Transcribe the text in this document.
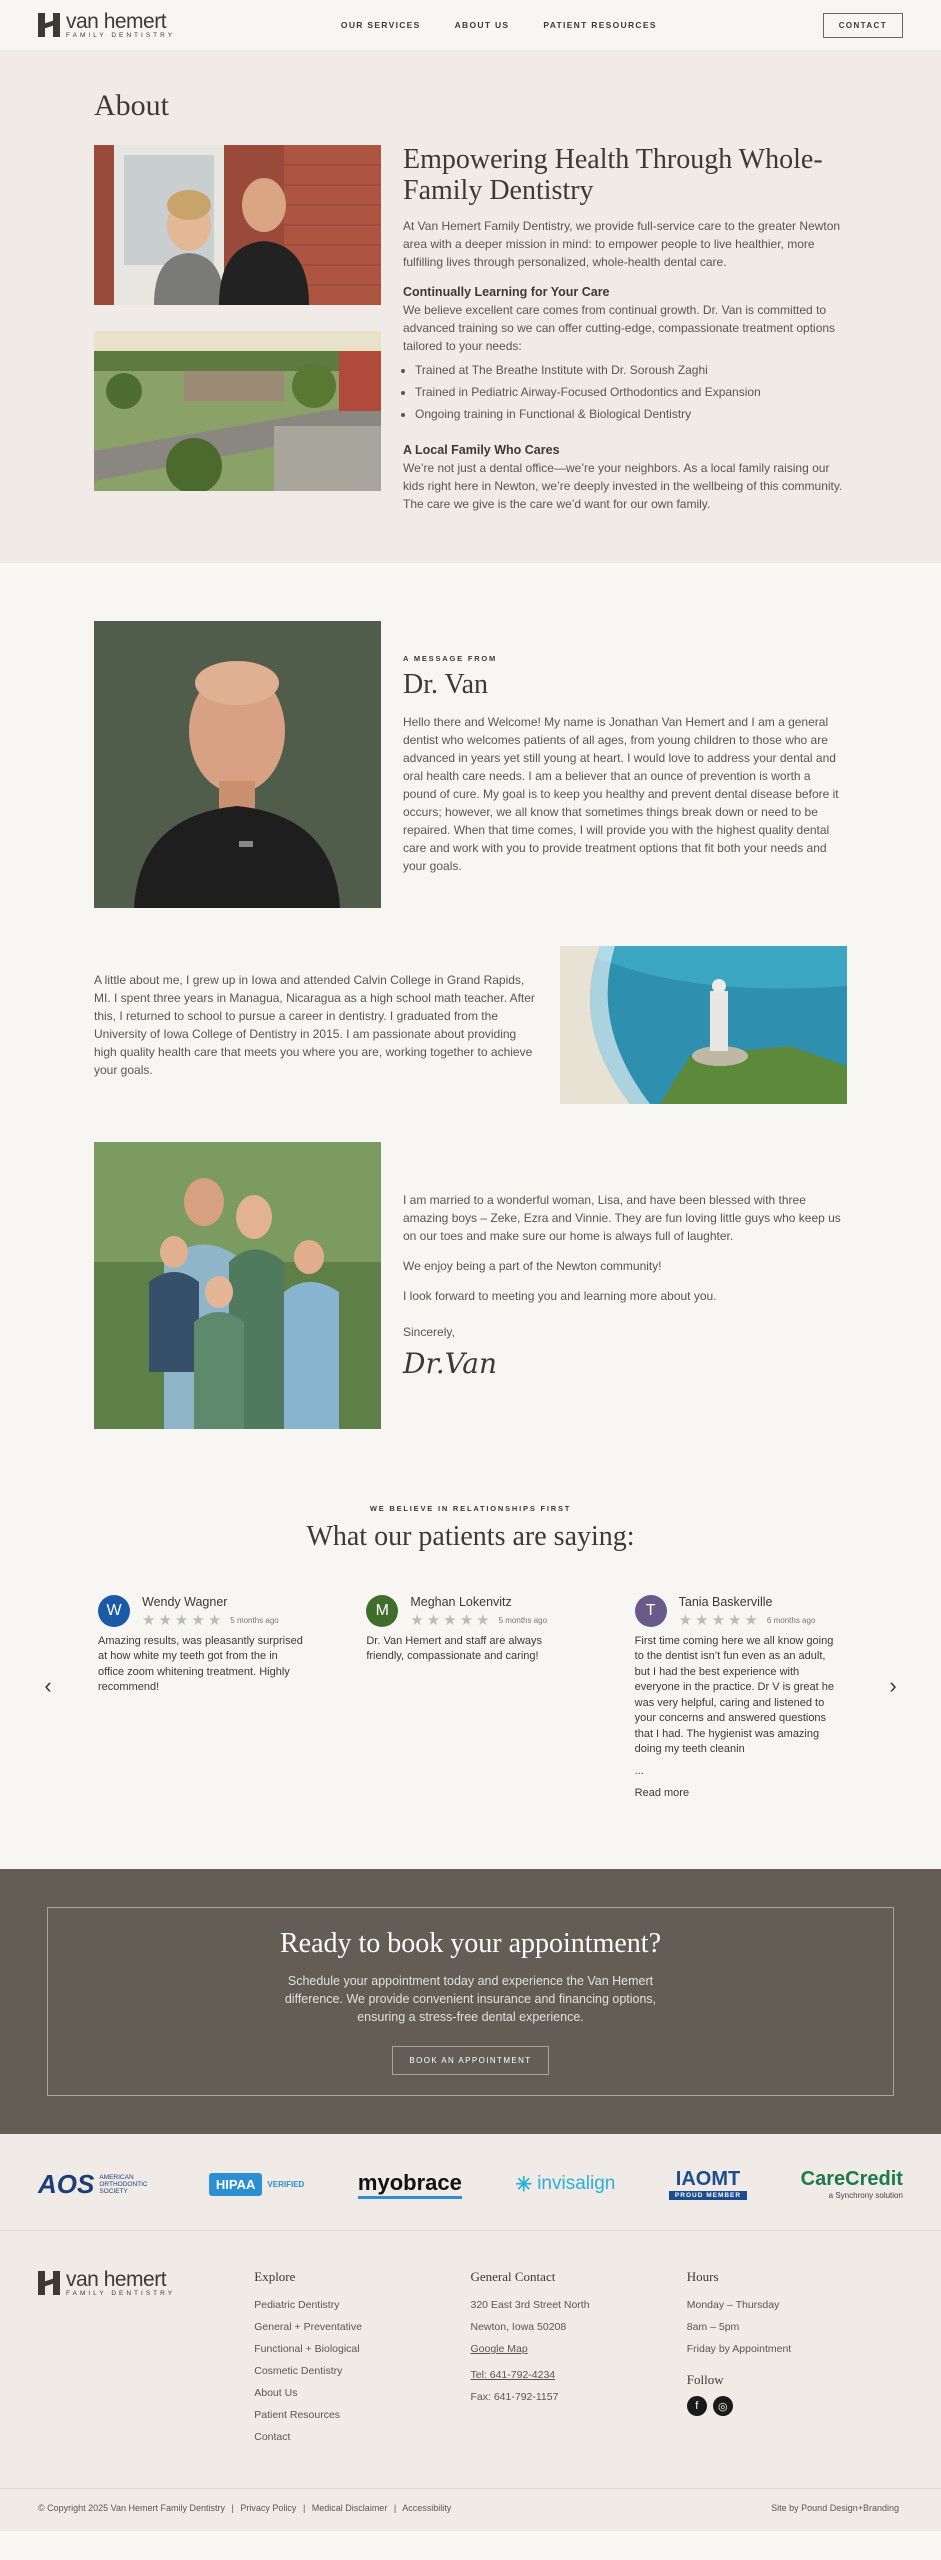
van hemert
FAMILY DENTISTRY
OUR SERVICES	ABOUT US	PATIENT RESOURCES	CONTACT
About
Empowering Health Through Whole-Family Dentistry

At Van Hemert Family Dentistry, we provide full-service care to the greater Newton area with a deeper mission in mind: to empower people to live healthier, more fulfilling lives through personalized, whole-health dental care.

Continually Learning for Your Care

We believe excellent care comes from continual growth. Dr. Van is committed to advanced training so we can offer cutting-edge, compassionate treatment options tailored to your needs:

• Trained at The Breathe Institute with Dr. Soroush Zaghi
• Trained in Pediatric Airway-Focused Orthodontics and Expansion
• Ongoing training in Functional & Biological Dentistry
A Local Family Who Cares

We’re not just a dental office—we’re your neighbors. As a local family raising our kids right here in Newton, we’re deeply invested in the wellbeing of this community. The care we give is the care we’d want for our own family.

A MESSAGE FROM
Dr. Van

Hello there and Welcome! My name is Jonathan Van Hemert and I am a general dentist who welcomes patients of all ages, from young children to those who are advanced in years yet still young at heart. I would love to address your dental and oral health care needs. I am a believer that an ounce of prevention is worth a pound of cure. My goal is to keep you healthy and prevent dental disease before it occurs; however, we all know that sometimes things break down or need to be repaired. When that time comes, I will provide you with the highest quality dental care and work with you to provide treatment options that fit both your needs and your goals.

A little about me, I grew up in Iowa and attended Calvin College in Grand Rapids, MI. I spent three years in Managua, Nicaragua as a high school math teacher. After this, I returned to school to pursue a career in dentistry. I graduated from the University of Iowa College of Dentistry in 2015. I am passionate about providing high quality health care that meets you where you are, working together to achieve your goals.

I am married to a wonderful woman, Lisa, and have been blessed with three amazing boys – Zeke, Ezra and Vinnie. They are fun loving little guys who keep us on our toes and make sure our home is always full of laughter.

We enjoy being a part of the Newton community!

I look forward to meeting you and learning more about you.

Sincerely,

Dr.Van
WE BELIEVE IN RELATIONSHIPS FIRST
What our patients are saying:
‹
W
Wendy Wagner
★ ★ ★ ★ ★ 5 months ago
Amazing results, was pleasantly surprised at how white my teeth got from the in office zoom whitening treatment. Highly recommend!
M
Meghan Lokenvitz
★ ★ ★ ★ ★ 5 months ago
Dr. Van Hemert and staff are always friendly, compassionate and caring!
T
Tania Baskerville
★ ★ ★ ★ ★ 6 months ago
First time coming here we all know going to the dentist isn’t fun even as an adult, but I had the best experience with everyone in the practice. Dr V is great he was very helpful, caring and listened to your concerns and answered questions that I had. The hygienist was amazing doing my teeth cleanin
...
Read more
›
Ready to book your appointment?

Schedule your appointment today and experience the Van Hemert difference. We provide convenient insurance and financing options, ensuring a stress-free dental experience.

BOOK AN APPOINTMENT
AOS AMERICAN ORTHODONTIC SOCIETY	HIPAA	VERIFIED myobrace	✳ invisalign	IAOMT
PROUD MEMBER
CareCredit
a Synchrony solution
van hemert
FAMILY DENTISTRY
Explore
Pediatric Dentistry
General + Preventative
Functional + Biological
Cosmetic Dentistry
About Us
Patient Resources
Contact
General Contact
320 East 3rd Street North
Newton, Iowa 50208
Google Map
Tel: 641-792-4234
Fax: 641-792-1157
Hours
Monday – Thursday
8am – 5pm
Friday by Appointment
Follow
f	◎
© Copyright 2025 Van Hemert Family Dentistry | Privacy Policy | Medical Disclaimer | Accessibility	Site by Pound Design+Branding
